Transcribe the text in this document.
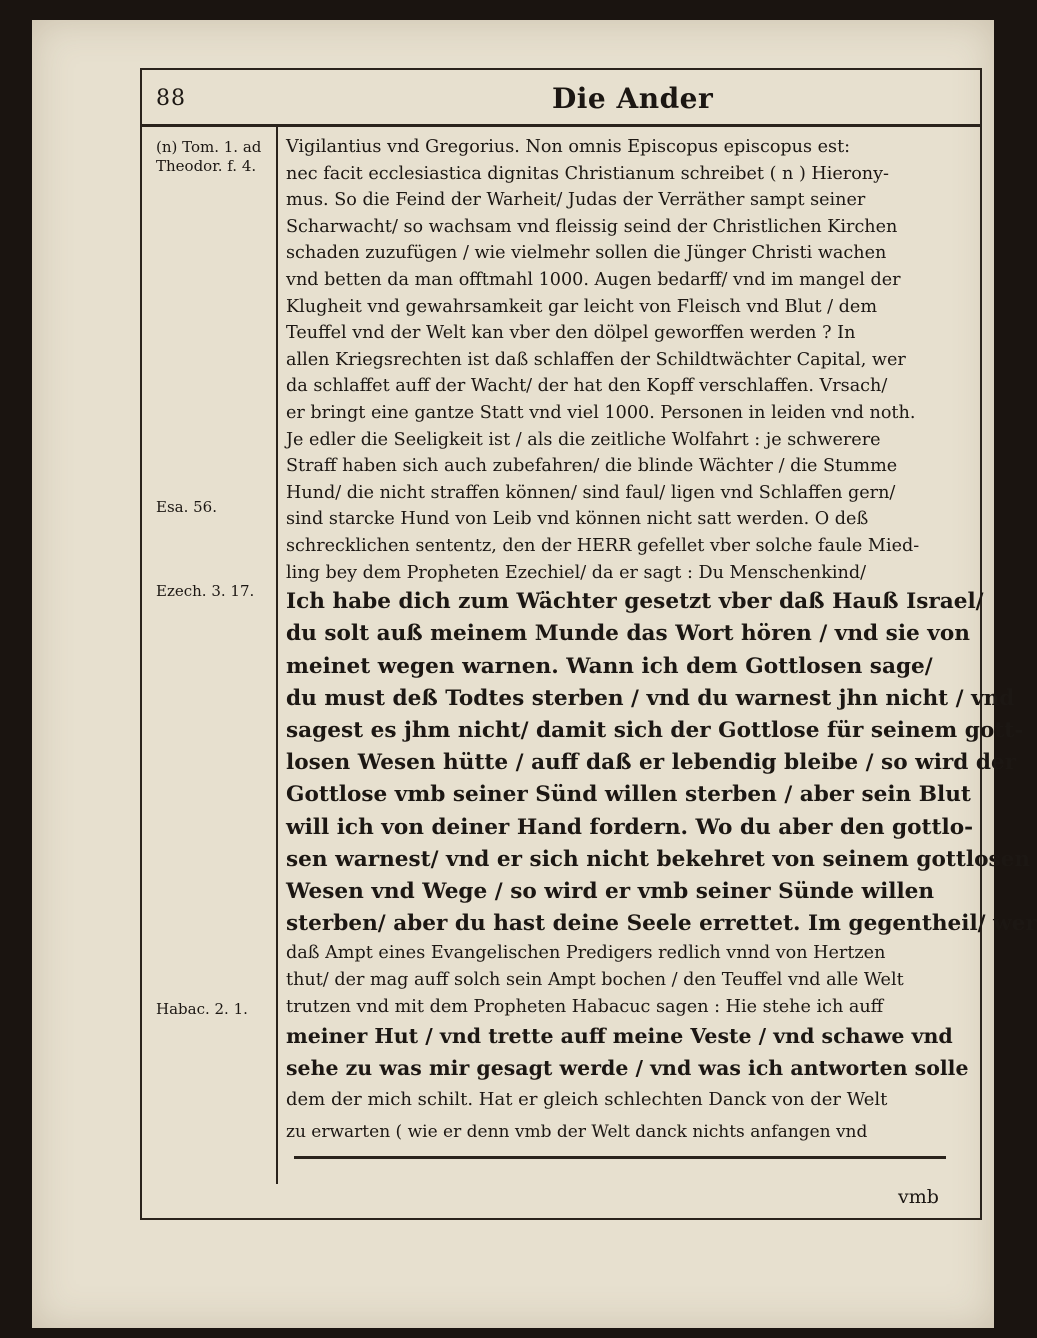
88	Die Ander
(n) Tom. 1. ad Theodor. f. 4.
Esa. 56.
Ezech. 3. 17.
Habac. 2. 1.
Vigilantius vnd Gregorius. Non omnis Episcopus episcopus est:
nec facit ecclesiastica dignitas Christianum schreibet ( n ) Hierony-
mus. So die Feind der Warheit/ Judas der Verräther sampt seiner
Scharwacht/ so wachsam vnd fleissig seind der Christlichen Kirchen
schaden zuzufügen / wie vielmehr sollen die Jünger Christi wachen
vnd betten da man offtmahl 1000. Augen bedarff/ vnd im mangel der
Klugheit vnd gewahrsamkeit gar leicht von Fleisch vnd Blut / dem
Teuffel vnd der Welt kan vber den dölpel geworffen werden ? In
allen Kriegsrechten ist daß schlaffen der Schildtwächter Capital, wer
da schlaffet auff der Wacht/ der hat den Kopff verschlaffen. Vrsach/
er bringt eine gantze Statt vnd viel 1000. Personen in leiden vnd noth.
Je edler die Seeligkeit ist / als die zeitliche Wolfahrt : je schwerere
Straff haben sich auch zubefahren/ die blinde Wächter / die Stumme
Hund/ die nicht straffen können/ sind faul/ ligen vnd Schlaffen gern/
sind starcke Hund von Leib vnd können nicht satt werden. O deß
schrecklichen sententz, den der HERR gefellet vber solche faule Mied-
ling bey dem Propheten Ezechiel/ da er sagt : Du Menschenkind/
Ich habe dich zum Wächter gesetzt vber daß Hauß Israel/
du solt auß meinem Munde das Wort hören / vnd sie von
meinet wegen warnen. Wann ich dem Gottlosen sage/
du must deß Todtes sterben / vnd du warnest jhn nicht / vnd
sagest es jhm nicht/ damit sich der Gottlose für seinem gott-
losen Wesen hütte / auff daß er lebendig bleibe / so wird der
Gottlose vmb seiner Sünd willen sterben / aber sein Blut
will ich von deiner Hand fordern. Wo du aber den gottlo-
sen warnest/ vnd er sich nicht bekehret von seinem gottlosen
Wesen vnd Wege / so wird er vmb seiner Sünde willen
sterben/ aber du hast deine Seele errettet. Im gegentheil/ wer
daß Ampt eines Evangelischen Predigers redlich vnnd von Hertzen
thut/ der mag auff solch sein Ampt bochen / den Teuffel vnd alle Welt
trutzen vnd mit dem Propheten Habacuc sagen : Hie stehe ich auff
meiner Hut / vnd trette auff meine Veste / vnd schawe vnd
sehe zu was mir gesagt werde / vnd was ich antworten solle
dem der mich schilt. Hat er gleich schlechten Danck von der Welt
zu erwarten ( wie er denn vmb der Welt danck nichts anfangen vnd
vmb
